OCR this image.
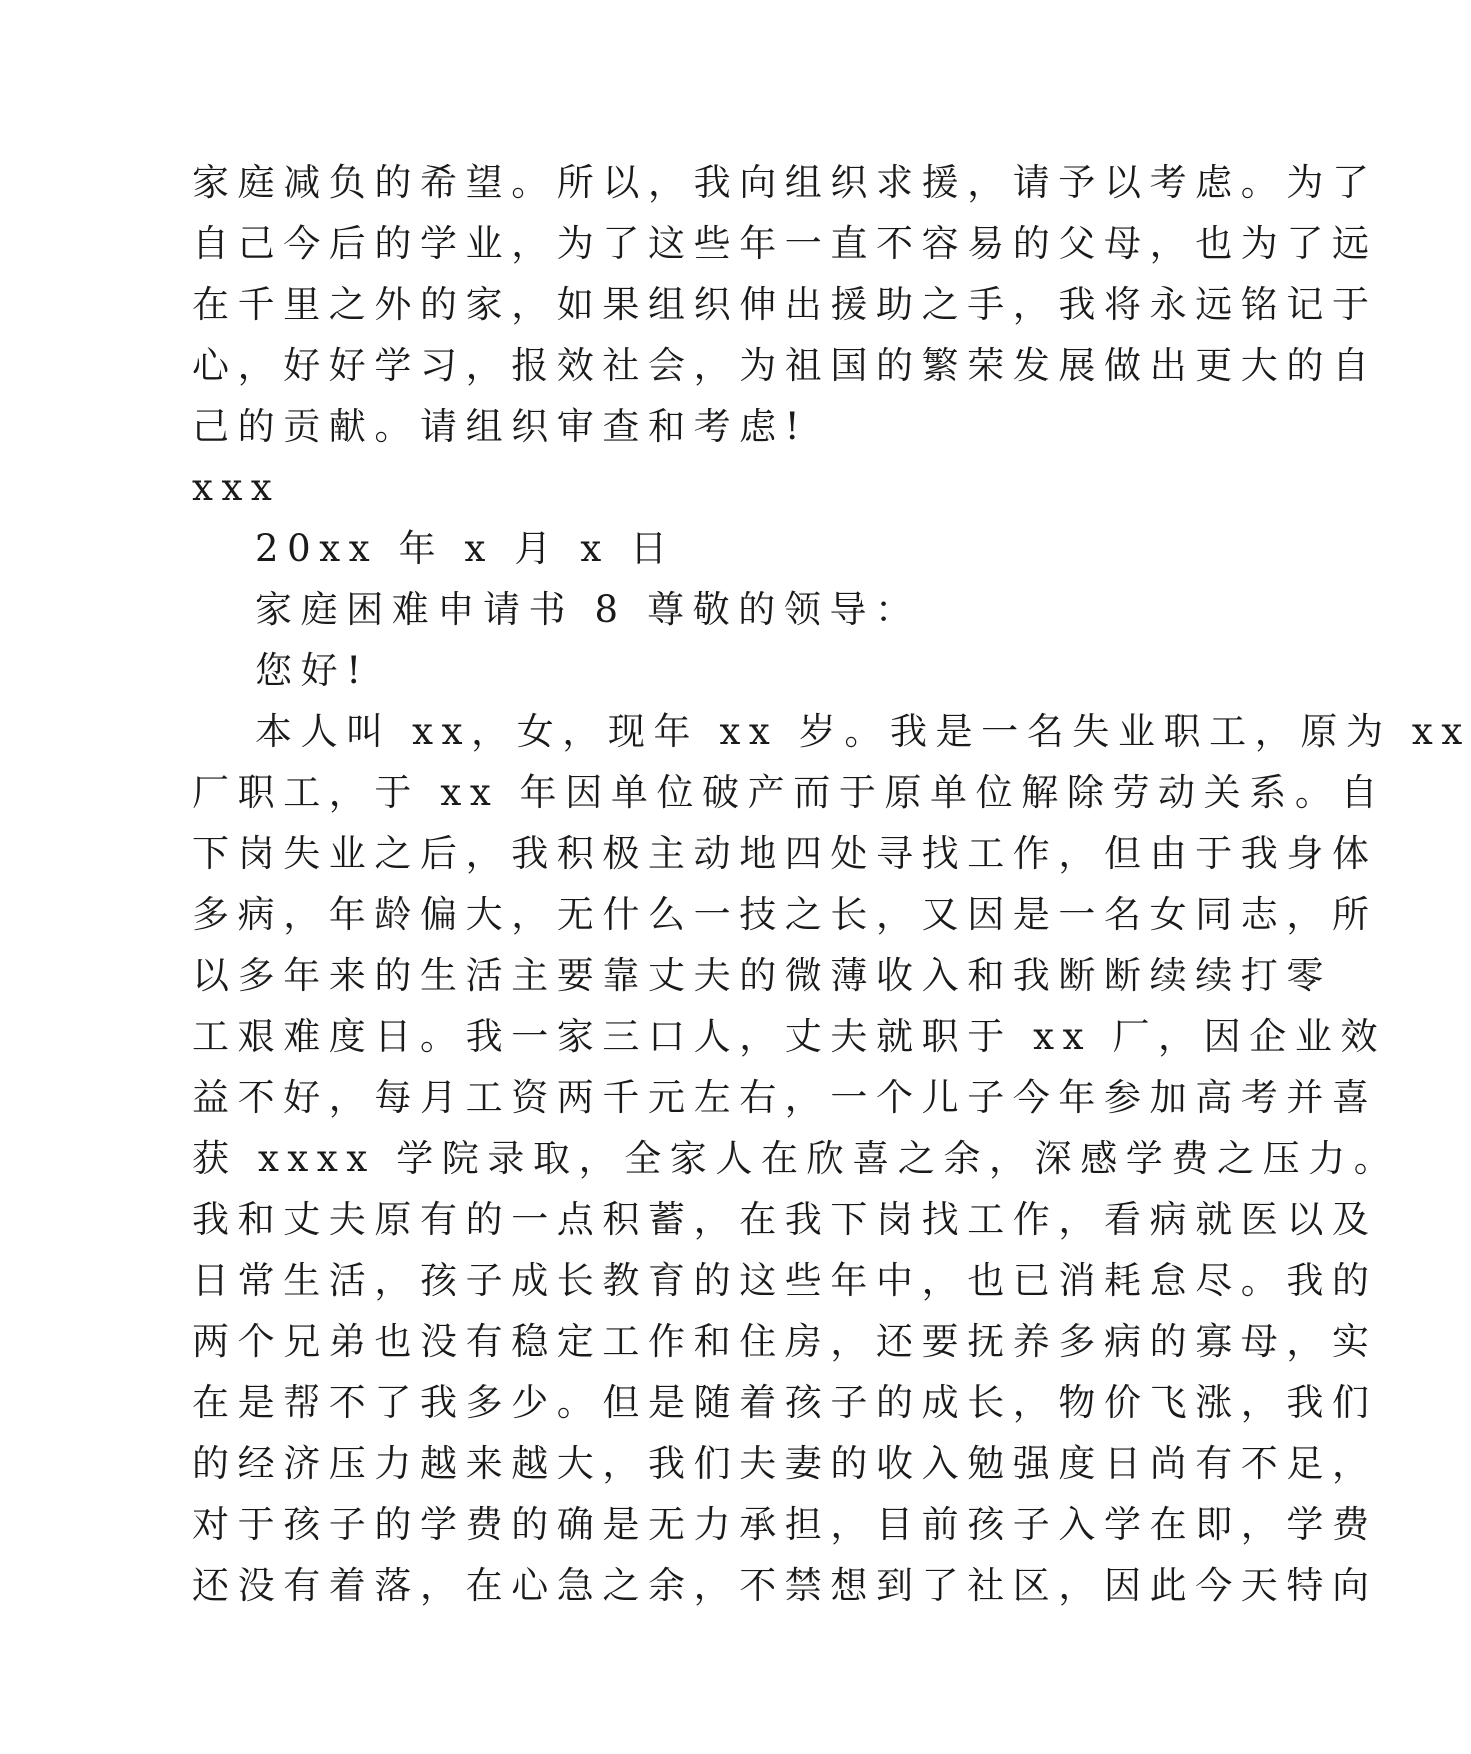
家庭减负的希望。所以，我向组织求援，请予以考虑。为了
自己今后的学业，为了这些年一直不容易的父母，也为了远
在千里之外的家，如果组织伸出援助之手，我将永远铭记于
心，好好学习，报效社会，为祖国的繁荣发展做出更大的自
己的贡献。请组织审查和考虑!
xxx
20xx 年 x 月 x 日
家庭困难申请书 8 尊敬的领导：
您好!
本人叫 xx，女，现年 xx 岁。我是一名失业职工，原为 xx
厂职工，于 xx 年因单位破产而于原单位解除劳动关系。自
下岗失业之后，我积极主动地四处寻找工作，但由于我身体
多病，年龄偏大，无什么一技之长，又因是一名女同志，所
以多年来的生活主要靠丈夫的微薄收入和我断断续续打零
工艰难度日。我一家三口人，丈夫就职于 xx 厂，因企业效
益不好，每月工资两千元左右，一个儿子今年参加高考并喜
获 xxxx 学院录取，全家人在欣喜之余，深感学费之压力。
我和丈夫原有的一点积蓄，在我下岗找工作，看病就医以及
日常生活，孩子成长教育的这些年中，也已消耗怠尽。我的
两个兄弟也没有稳定工作和住房，还要抚养多病的寡母，实
在是帮不了我多少。但是随着孩子的成长，物价飞涨，我们
的经济压力越来越大，我们夫妻的收入勉强度日尚有不足，
对于孩子的学费的确是无力承担，目前孩子入学在即，学费
还没有着落，在心急之余，不禁想到了社区，因此今天特向
